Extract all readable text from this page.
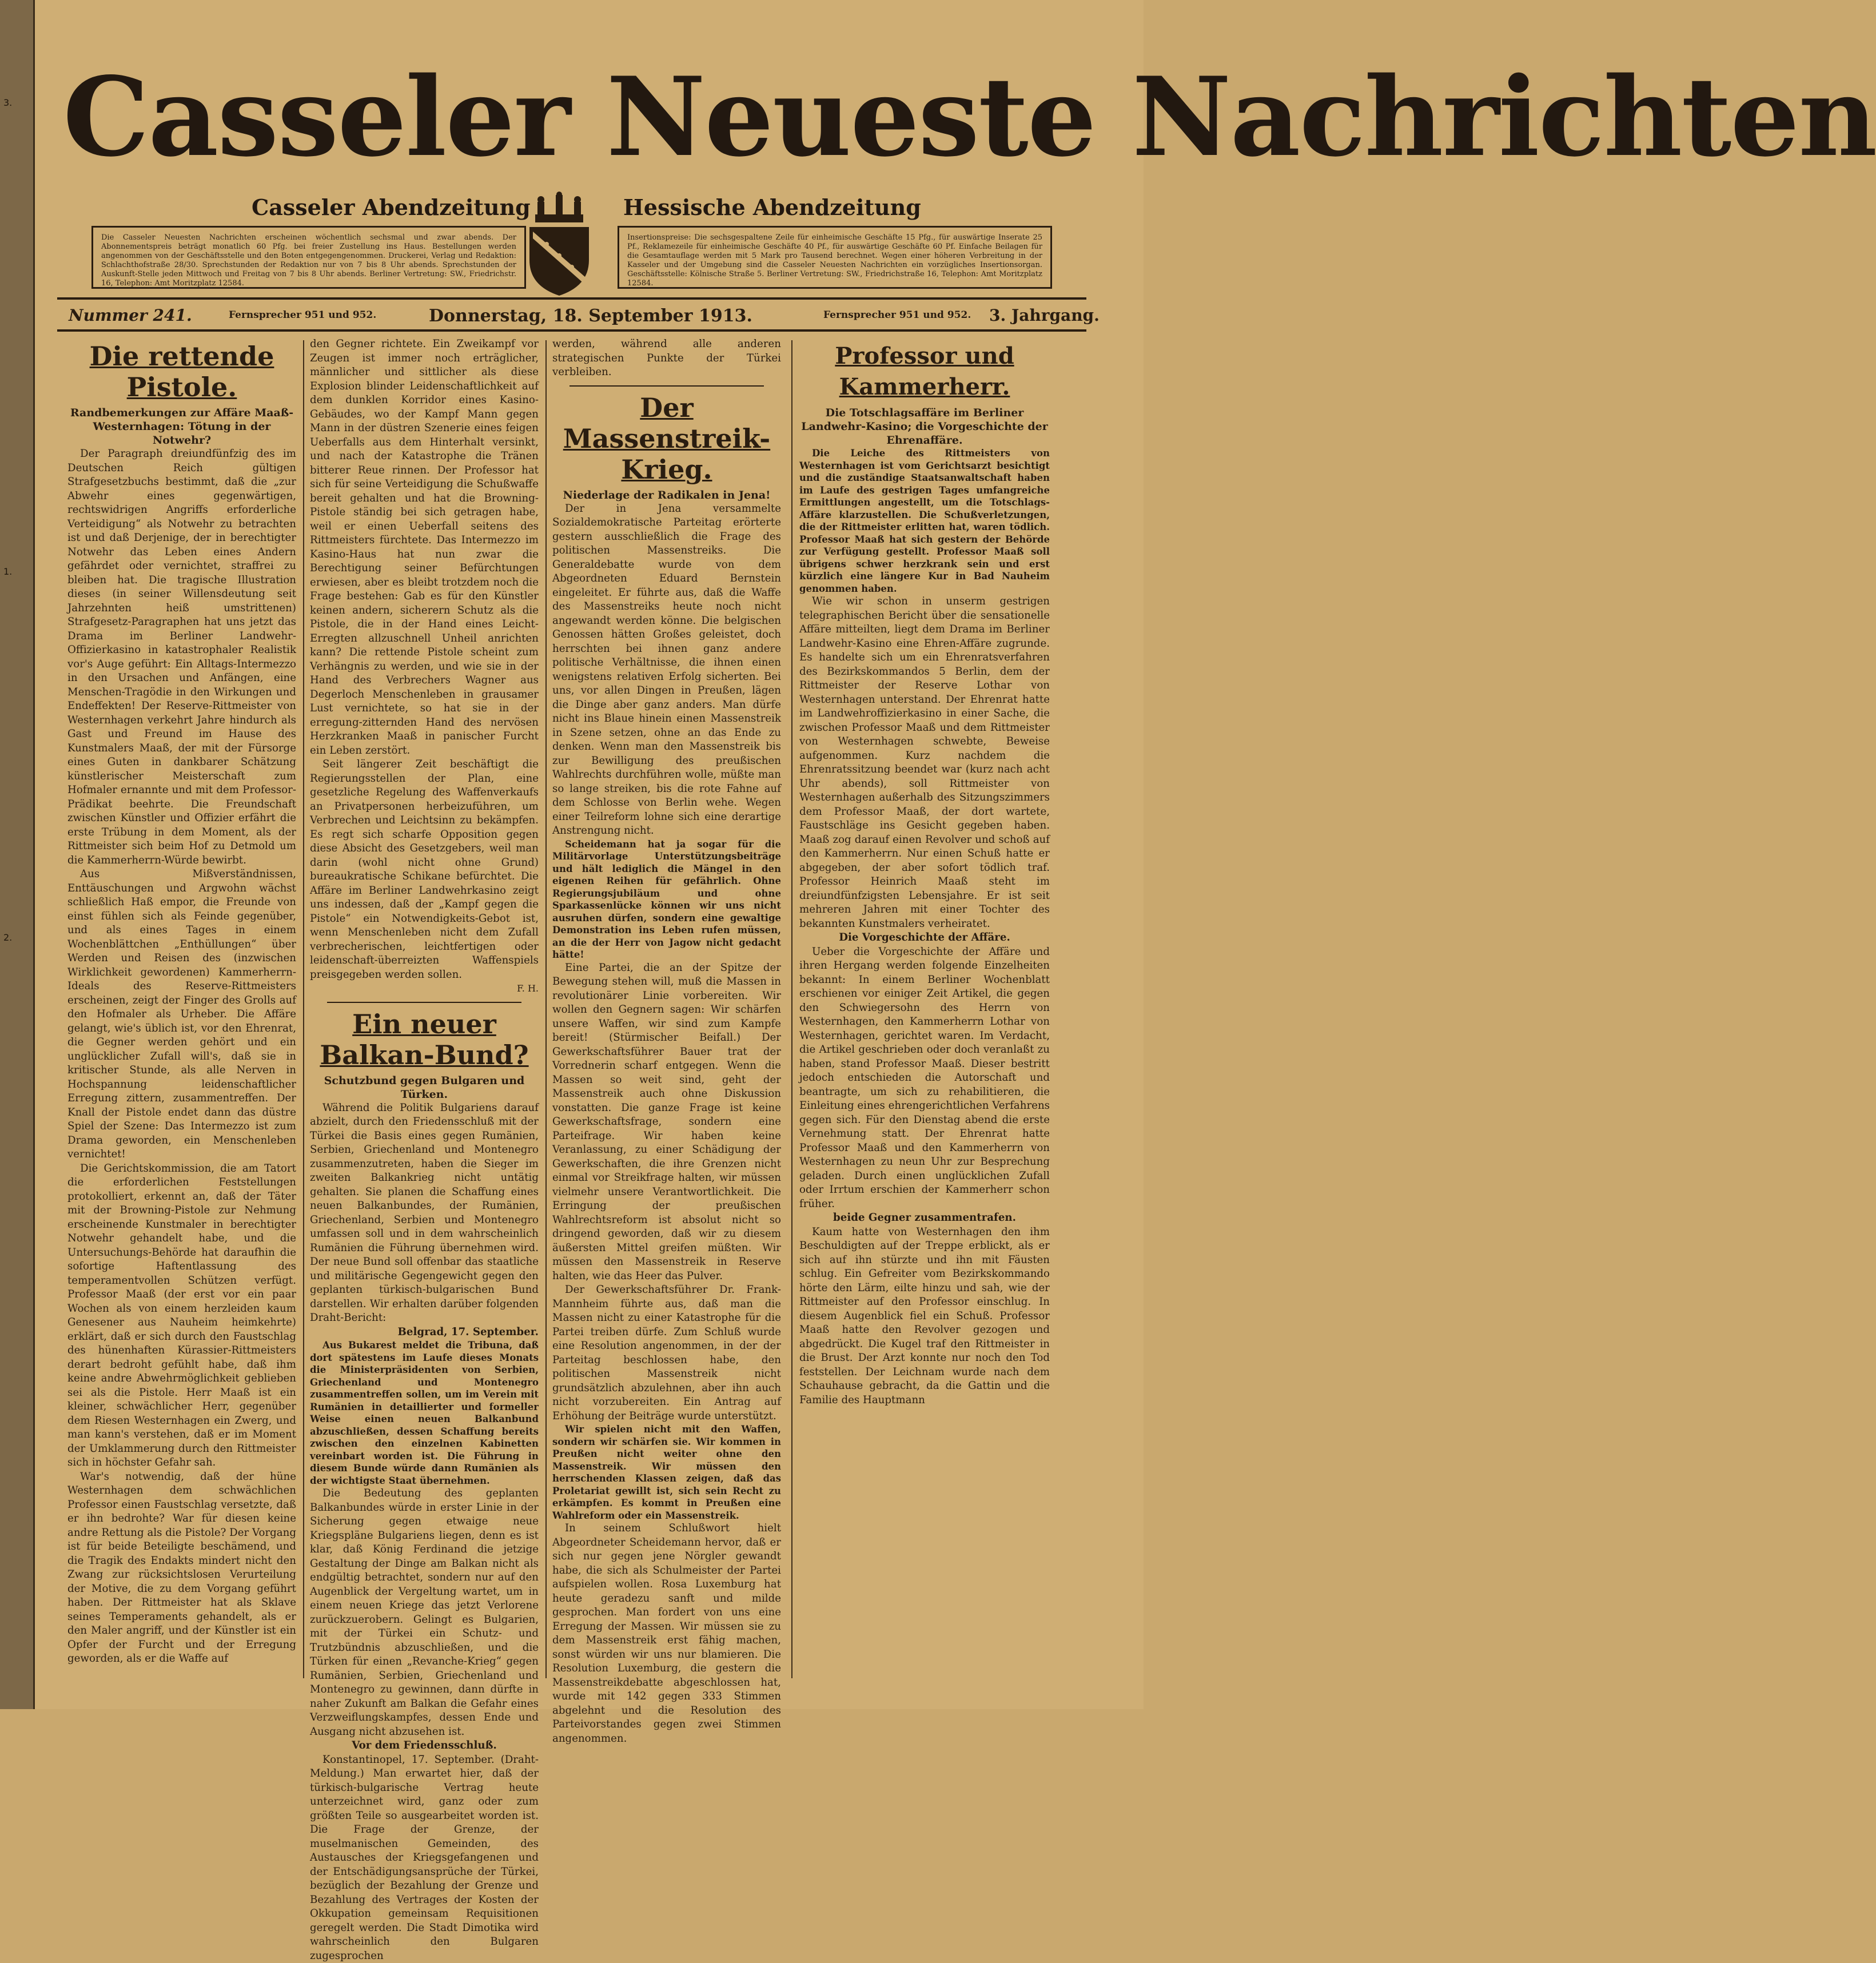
3.
1.
2.
Casseler Neueste Nachrichten
Casseler Abendzeitung	Hessische Abendzeitung
Die Casseler Neuesten Nachrichten erscheinen wöchentlich sechsmal und zwar abends. Der Abonnementspreis beträgt monatlich 60 Pfg. bei freier Zustellung ins Haus. Bestellungen werden angenommen von der Geschäftsstelle und den Boten entgegengenommen. Druckerei, Verlag und Redaktion: Schlachthofstraße 28/30. Sprechstunden der Redaktion nur von 7 bis 8 Uhr abends. Sprechstunden der Auskunft-Stelle jeden Mittwoch und Freitag von 7 bis 8 Uhr abends. Berliner Vertretung: SW., Friedrichstr. 16, Telephon: Amt Moritzplatz 12584.
Insertionspreise: Die sechsgespaltene Zeile für einheimische Geschäfte 15 Pfg., für auswärtige Inserate 25 Pf., Reklamezeile für einheimische Geschäfte 40 Pf., für auswärtige Geschäfte 60 Pf. Einfache Beilagen für die Gesamtauflage werden mit 5 Mark pro Tausend berechnet. Wegen einer höheren Verbreitung in der Kasseler und der Umgebung sind die Casseler Neuesten Nachrichten ein vorzügliches Insertionsorgan. Geschäftsstelle: Kölnische Straße 5. Berliner Vertretung: SW., Friedrichstraße 16, Telephon: Amt Moritzplatz 12584.
Nummer 241.	Fernsprecher 951 und 952.	Donnerstag, 18. September 1913.	Fernsprecher 951 und 952. 3. Jahrgang.
Die rettende Pistole.

Randbemerkungen zur Affäre Maaß-Westernhagen: Tötung in der Notwehr?

Der Paragraph dreiundfünfzig des im Deutschen Reich gültigen Strafgesetzbuchs bestimmt, daß die „zur Abwehr eines gegenwärtigen, rechtswidrigen Angriffs erforderliche Verteidigung“ als Notwehr zu betrachten ist und daß Derjenige, der in berechtigter Notwehr das Leben eines Andern gefährdet oder vernichtet, straffrei zu bleiben hat. Die tragische Illustration dieses (in seiner Willensdeutung seit Jahrzehnten heiß umstrittenen) Strafgesetz-Paragraphen hat uns jetzt das Drama im Berliner Landwehr-Offizierkasino in katastrophaler Realistik vor's Auge geführt: Ein Alltags-Intermezzo in den Ursachen und Anfängen, eine Menschen-Tragödie in den Wirkungen und Endeffekten! Der Reserve-Rittmeister von Westernhagen verkehrt Jahre hindurch als Gast und Freund im Hause des Kunstmalers Maaß, der mit der Fürsorge eines Guten in dankbarer Schätzung künstlerischer Meisterschaft zum Hofmaler ernannte und mit dem Professor-Prädikat beehrte. Die Freundschaft zwischen Künstler und Offizier erfährt die erste Trübung in dem Moment, als der Rittmeister sich beim Hof zu Detmold um die Kammerherrn-Würde bewirbt.

Aus Mißverständnissen, Enttäuschungen und Argwohn wächst schließlich Haß empor, die Freunde von einst fühlen sich als Feinde gegenüber, und als eines Tages in einem Wochenblättchen „Enthüllungen“ über Werden und Reisen des (inzwischen Wirklichkeit gewordenen) Kammerherrn-Ideals des Reserve-Rittmeisters erscheinen, zeigt der Finger des Grolls auf den Hofmaler als Urheber. Die Affäre gelangt, wie's üblich ist, vor den Ehrenrat, die Gegner werden gehört und ein unglücklicher Zufall will's, daß sie in kritischer Stunde, als alle Nerven in Hochspannung leidenschaftlicher Erregung zittern, zusammentreffen. Der Knall der Pistole endet dann das düstre Spiel der Szene: Das Intermezzo ist zum Drama geworden, ein Menschenleben vernichtet!

Die Gerichtskommission, die am Tatort die erforderlichen Feststellungen protokolliert, erkennt an, daß der Täter mit der Browning-Pistole zur Nehmung erscheinende Kunstmaler in berechtigter Notwehr gehandelt habe, und die Untersuchungs-Behörde hat daraufhin die sofortige Haftentlassung des temperamentvollen Schützen verfügt. Professor Maaß (der erst vor ein paar Wochen als von einem herzleiden kaum Genesener aus Nauheim heimkehrte) erklärt, daß er sich durch den Faustschlag des hünenhaften Kürassier-Rittmeisters derart bedroht gefühlt habe, daß ihm keine andre Abwehrmöglichkeit geblieben sei als die Pistole. Herr Maaß ist ein kleiner, schwächlicher Herr, gegenüber dem Riesen Westernhagen ein Zwerg, und man kann's verstehen, daß er im Moment der Umklammerung durch den Rittmeister sich in höchster Gefahr sah.

War's notwendig, daß der hüne Westernhagen dem schwächlichen Professor einen Faustschlag versetzte, daß er ihn bedrohte? War für diesen keine andre Rettung als die Pistole? Der Vorgang ist für beide Beteiligte beschämend, und die Tragik des Endakts mindert nicht den Zwang zur rücksichtslosen Verurteilung der Motive, die zu dem Vorgang geführt haben. Der Rittmeister hat als Sklave seines Temperaments gehandelt, als er den Maler angriff, und der Künstler ist ein Opfer der Furcht und der Erregung geworden, als er die Waffe auf

den Gegner richtete. Ein Zweikampf vor Zeugen ist immer noch erträglicher, männlicher und sittlicher als diese Explosion blinder Leidenschaftlichkeit auf dem dunklen Korridor eines Kasino-Gebäudes, wo der Kampf Mann gegen Mann in der düstren Szenerie eines feigen Ueberfalls aus dem Hinterhalt versinkt, und nach der Katastrophe die Tränen bitterer Reue rinnen. Der Professor hat sich für seine Verteidigung die Schußwaffe bereit gehalten und hat die Browning-Pistole ständig bei sich getragen habe, weil er einen Ueberfall seitens des Rittmeisters fürchtete. Das Intermezzo im Kasino-Haus hat nun zwar die Berechtigung seiner Befürchtungen erwiesen, aber es bleibt trotzdem noch die Frage bestehen: Gab es für den Künstler keinen andern, sicherern Schutz als die Pistole, die in der Hand eines Leicht-Erregten allzuschnell Unheil anrichten kann? Die rettende Pistole scheint zum Verhängnis zu werden, und wie sie in der Hand des Verbrechers Wagner aus Degerloch Menschenleben in grausamer Lust vernichtete, so hat sie in der erregung-zitternden Hand des nervösen Herzkranken Maaß in panischer Furcht ein Leben zerstört.

Seit längerer Zeit beschäftigt die Regierungsstellen der Plan, eine gesetzliche Regelung des Waffenverkaufs an Privatpersonen herbeizuführen, um Verbrechen und Leichtsinn zu bekämpfen. Es regt sich scharfe Opposition gegen diese Absicht des Gesetzgebers, weil man darin (wohl nicht ohne Grund) bureaukratische Schikane befürchtet. Die Affäre im Berliner Landwehrkasino zeigt uns indessen, daß der „Kampf gegen die Pistole“ ein Notwendigkeits-Gebot ist, wenn Menschenleben nicht dem Zufall verbrecherischen, leichtfertigen oder leidenschaft-überreizten Waffenspiels preisgegeben werden sollen.

F. H.

Ein neuer Balkan-Bund?

Schutzbund gegen Bulgaren und Türken.

Während die Politik Bulgariens darauf abzielt, durch den Friedensschluß mit der Türkei die Basis eines gegen Rumänien, Serbien, Griechenland und Montenegro zusammenzutreten, haben die Sieger im zweiten Balkankrieg nicht untätig gehalten. Sie planen die Schaffung eines neuen Balkanbundes, der Rumänien, Griechenland, Serbien und Montenegro umfassen soll und in dem wahrscheinlich Rumänien die Führung übernehmen wird. Der neue Bund soll offenbar das staatliche und militärische Gegengewicht gegen den geplanten türkisch-bulgarischen Bund darstellen. Wir erhalten darüber folgenden Draht-Bericht:

Belgrad, 17. September.

Aus Bukarest meldet die Tribuna, daß dort spätestens im Laufe dieses Monats die Ministerpräsidenten von Serbien, Griechenland und Montenegro zusammentreffen sollen, um im Verein mit Rumänien in detaillierter und formeller Weise einen neuen Balkanbund abzuschließen, dessen Schaffung bereits zwischen den einzelnen Kabinetten vereinbart worden ist. Die Führung in diesem Bunde würde dann Rumänien als der wichtigste Staat übernehmen.

Die Bedeutung des geplanten Balkanbundes würde in erster Linie in der Sicherung gegen etwaige neue Kriegspläne Bulgariens liegen, denn es ist klar, daß König Ferdinand die jetzige Gestaltung der Dinge am Balkan nicht als endgültig betrachtet, sondern nur auf den Augenblick der Vergeltung wartet, um in einem neuen Kriege das jetzt Verlorene zurückzuerobern. Gelingt es Bulgarien, mit der Türkei ein Schutz- und Trutzbündnis abzuschließen, und die Türken für einen „Revanche-Krieg“ gegen Rumänien, Serbien, Griechenland und Montenegro zu gewinnen, dann dürfte in naher Zukunft am Balkan die Gefahr eines Verzweiflungskampfes, dessen Ende und Ausgang nicht abzusehen ist.

Vor dem Friedensschluß.

Konstantinopel, 17. September. (Draht-Meldung.) Man erwartet hier, daß der türkisch-bulgarische Vertrag heute unterzeichnet wird, ganz oder zum größten Teile so ausgearbeitet worden ist. Die Frage der Grenze, der muselmanischen Gemeinden, des Austausches der Kriegsgefangenen und der Entschädigungsansprüche der Türkei, bezüglich der Bezahlung der Grenze und Bezahlung des Vertrages der Kosten der Okkupation gemeinsam Requisitionen geregelt werden. Die Stadt Dimotika wird wahrscheinlich den Bulgaren zugesprochen

werden, während alle anderen strategischen Punkte der Türkei verbleiben.

Der Massenstreik-Krieg.

Niederlage der Radikalen in Jena!

Der in Jena versammelte Sozialdemokratische Parteitag erörterte gestern ausschließlich die Frage des politischen Massenstreiks. Die Generaldebatte wurde von dem Abgeordneten Eduard Bernstein eingeleitet. Er führte aus, daß die Waffe des Massenstreiks heute noch nicht angewandt werden könne. Die belgischen Genossen hätten Großes geleistet, doch herrschten bei ihnen ganz andere politische Verhältnisse, die ihnen einen wenigstens relativen Erfolg sicherten. Bei uns, vor allen Dingen in Preußen, lägen die Dinge aber ganz anders. Man dürfe nicht ins Blaue hinein einen Massenstreik in Szene setzen, ohne an das Ende zu denken. Wenn man den Massenstreik bis zur Bewilligung des preußischen Wahlrechts durchführen wolle, müßte man so lange streiken, bis die rote Fahne auf dem Schlosse von Berlin wehe. Wegen einer Teilreform lohne sich eine derartige Anstrengung nicht.

Scheidemann hat ja sogar für die Militärvorlage Unterstützungsbeiträge und hält lediglich die Mängel in den eigenen Reihen für gefährlich. Ohne Regierungsjubiläum und ohne Sparkassenlücke können wir uns nicht ausruhen dürfen, sondern eine gewaltige Demonstration ins Leben rufen müssen, an die der Herr von Jagow nicht gedacht hätte!

Eine Partei, die an der Spitze der Bewegung stehen will, muß die Massen in revolutionärer Linie vorbereiten. Wir wollen den Gegnern sagen: Wir schärfen unsere Waffen, wir sind zum Kampfe bereit! (Stürmischer Beifall.) Der Gewerkschaftsführer Bauer trat der Vorrednerin scharf entgegen. Wenn die Massen so weit sind, geht der Massenstreik auch ohne Diskussion vonstatten. Die ganze Frage ist keine Gewerkschaftsfrage, sondern eine Parteifrage. Wir haben keine Veranlassung, zu einer Schädigung der Gewerkschaften, die ihre Grenzen nicht einmal vor Streikfrage halten, wir müssen vielmehr unsere Verantwortlichkeit. Die Erringung der preußischen Wahlrechtsreform ist absolut nicht so dringend geworden, daß wir zu diesem äußersten Mittel greifen müßten. Wir müssen den Massenstreik in Reserve halten, wie das Heer das Pulver.

Der Gewerkschaftsführer Dr. Frank-Mannheim führte aus, daß man die Massen nicht zu einer Katastrophe für die Partei treiben dürfe. Zum Schluß wurde eine Resolution angenommen, in der der Parteitag beschlossen habe, den politischen Massenstreik nicht grundsätzlich abzulehnen, aber ihn auch nicht vorzubereiten. Ein Antrag auf Erhöhung der Beiträge wurde unterstützt.

Wir spielen nicht mit den Waffen, sondern wir schärfen sie. Wir kommen in Preußen nicht weiter ohne den Massenstreik. Wir müssen den herrschenden Klassen zeigen, daß das Proletariat gewillt ist, sich sein Recht zu erkämpfen. Es kommt in Preußen eine Wahlreform oder ein Massenstreik.

In seinem Schlußwort hielt Abgeordneter Scheidemann hervor, daß er sich nur gegen jene Nörgler gewandt habe, die sich als Schulmeister der Partei aufspielen wollen. Rosa Luxemburg hat heute geradezu sanft und milde gesprochen. Man fordert von uns eine Erregung der Massen. Wir müssen sie zu dem Massenstreik erst fähig machen, sonst würden wir uns nur blamieren. Die Resolution Luxemburg, die gestern die Massenstreikdebatte abgeschlossen hat, wurde mit 142 gegen 333 Stimmen abgelehnt und die Resolution des Parteivorstandes gegen zwei Stimmen angenommen.

Professor und Kammerherr.

Die Totschlagsaffäre im Berliner Landwehr-Kasino; die Vorgeschichte der Ehrenaffäre.

Die Leiche des Rittmeisters von Westernhagen ist vom Gerichtsarzt besichtigt und die zuständige Staatsanwaltschaft haben im Laufe des gestrigen Tages umfangreiche Ermittlungen angestellt, um die Totschlags-Affäre klarzustellen. Die Schußverletzungen, die der Rittmeister erlitten hat, waren tödlich. Professor Maaß hat sich gestern der Behörde zur Verfügung gestellt. Professor Maaß soll übrigens schwer herzkrank sein und erst kürzlich eine längere Kur in Bad Nauheim genommen haben.

Wie wir schon in unserm gestrigen telegraphischen Bericht über die sensationelle Affäre mitteilten, liegt dem Drama im Berliner Landwehr-Kasino eine Ehren-Affäre zugrunde. Es handelte sich um ein Ehrenratsverfahren des Bezirkskommandos 5 Berlin, dem der Rittmeister der Reserve Lothar von Westernhagen unterstand. Der Ehrenrat hatte im Landwehroffizierkasino in einer Sache, die zwischen Professor Maaß und dem Rittmeister von Westernhagen schwebte, Beweise aufgenommen. Kurz nachdem die Ehrenratssitzung beendet war (kurz nach acht Uhr abends), soll Rittmeister von Westernhagen außerhalb des Sitzungszimmers dem Professor Maaß, der dort wartete, Faustschläge ins Gesicht gegeben haben. Maaß zog darauf einen Revolver und schoß auf den Kammerherrn. Nur einen Schuß hatte er abgegeben, der aber sofort tödlich traf. Professor Heinrich Maaß steht im dreiundfünfzigsten Lebensjahre. Er ist seit mehreren Jahren mit einer Tochter des bekannten Kunstmalers verheiratet.

Die Vorgeschichte der Affäre.

Ueber die Vorgeschichte der Affäre und ihren Hergang werden folgende Einzelheiten bekannt: In einem Berliner Wochenblatt erschienen vor einiger Zeit Artikel, die gegen den Schwiegersohn des Herrn von Westernhagen, den Kammerherrn Lothar von Westernhagen, gerichtet waren. Im Verdacht, die Artikel geschrieben oder doch veranlaßt zu haben, stand Professor Maaß. Dieser bestritt jedoch entschieden die Autorschaft und beantragte, um sich zu rehabilitieren, die Einleitung eines ehrengerichtlichen Verfahrens gegen sich. Für den Dienstag abend die erste Vernehmung statt. Der Ehrenrat hatte Professor Maaß und den Kammerherrn von Westernhagen zu neun Uhr zur Besprechung geladen. Durch einen unglücklichen Zufall oder Irrtum erschien der Kammerherr schon früher.

beide Gegner zusammentrafen.

Kaum hatte von Westernhagen den ihm Beschuldigten auf der Treppe erblickt, als er sich auf ihn stürzte und ihn mit Fäusten schlug. Ein Gefreiter vom Bezirkskommando hörte den Lärm, eilte hinzu und sah, wie der Rittmeister auf den Professor einschlug. In diesem Augenblick fiel ein Schuß. Professor Maaß hatte den Revolver gezogen und abgedrückt. Die Kugel traf den Rittmeister in die Brust. Der Arzt konnte nur noch den Tod feststellen. Der Leichnam wurde nach dem Schauhause gebracht, da die Gattin und die Familie des Hauptmann
